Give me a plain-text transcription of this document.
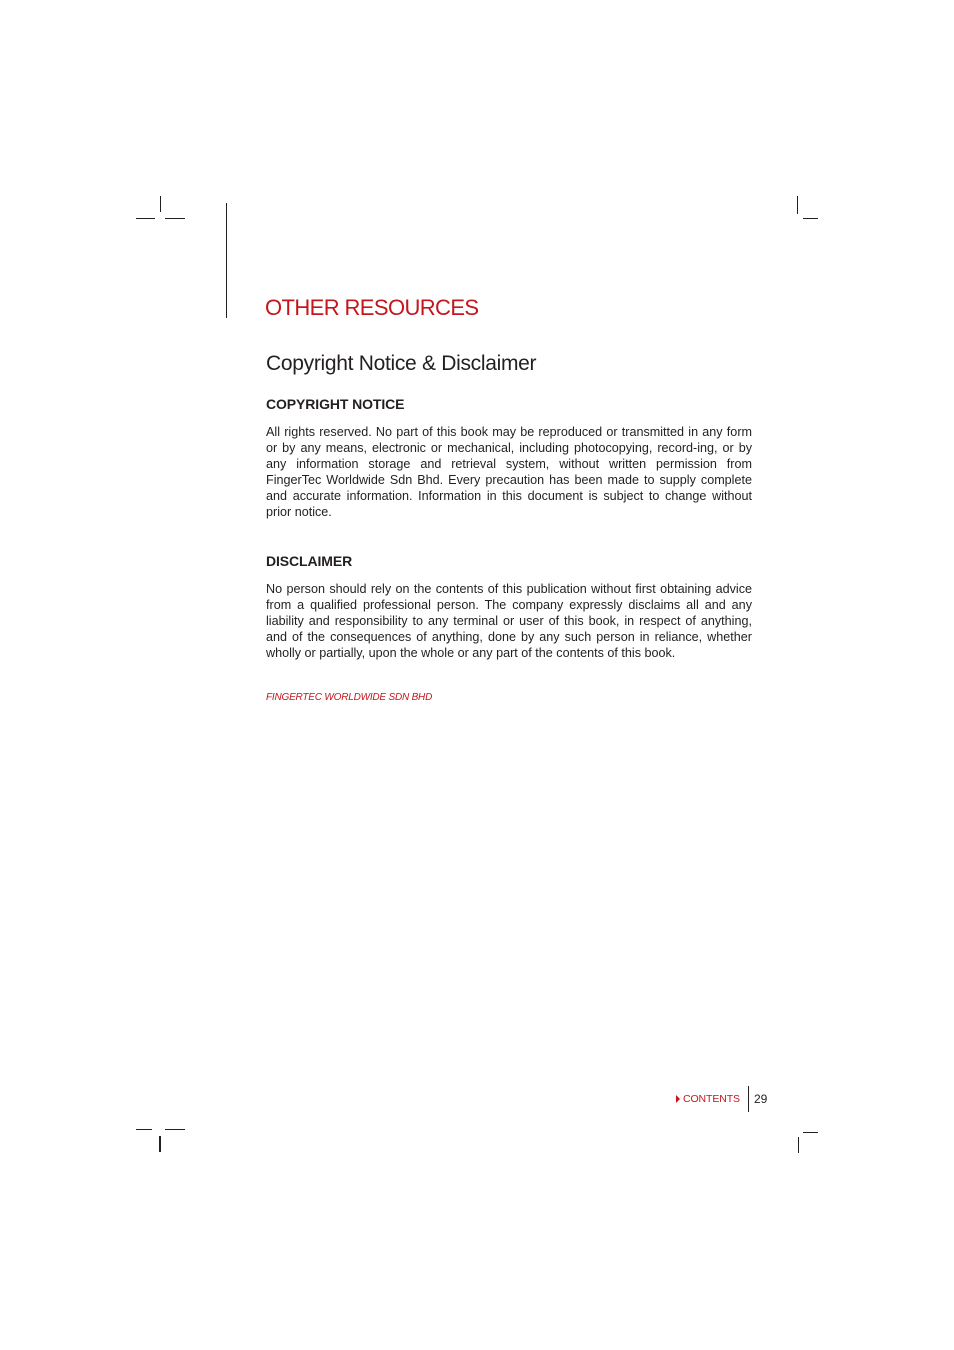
OTHER RESOURCES
Copyright Notice & Disclaimer
COPYRIGHT NOTICE

All rights reserved. No part of this book may be reproduced or transmitted in any form or by any means, electronic or mechanical, including photocopying, record-ing, or by any information storage and retrieval system, without written permission from FingerTec Worldwide Sdn Bhd. Every precaution has been made to supply complete and accurate information. Information in this document is subject to change without prior notice.

DISCLAIMER

No person should rely on the contents of this publication without first obtaining advice from a qualified professional person. The company expressly disclaims all and any liability and responsibility to any terminal or user of this book, in respect of anything, and of the consequences of anything, done by any such person in reliance, whether wholly or partially, upon the whole or any part of the contents of this book.

FINGERTEC WORLDWIDE SDN BHD
CONTENTS 29
